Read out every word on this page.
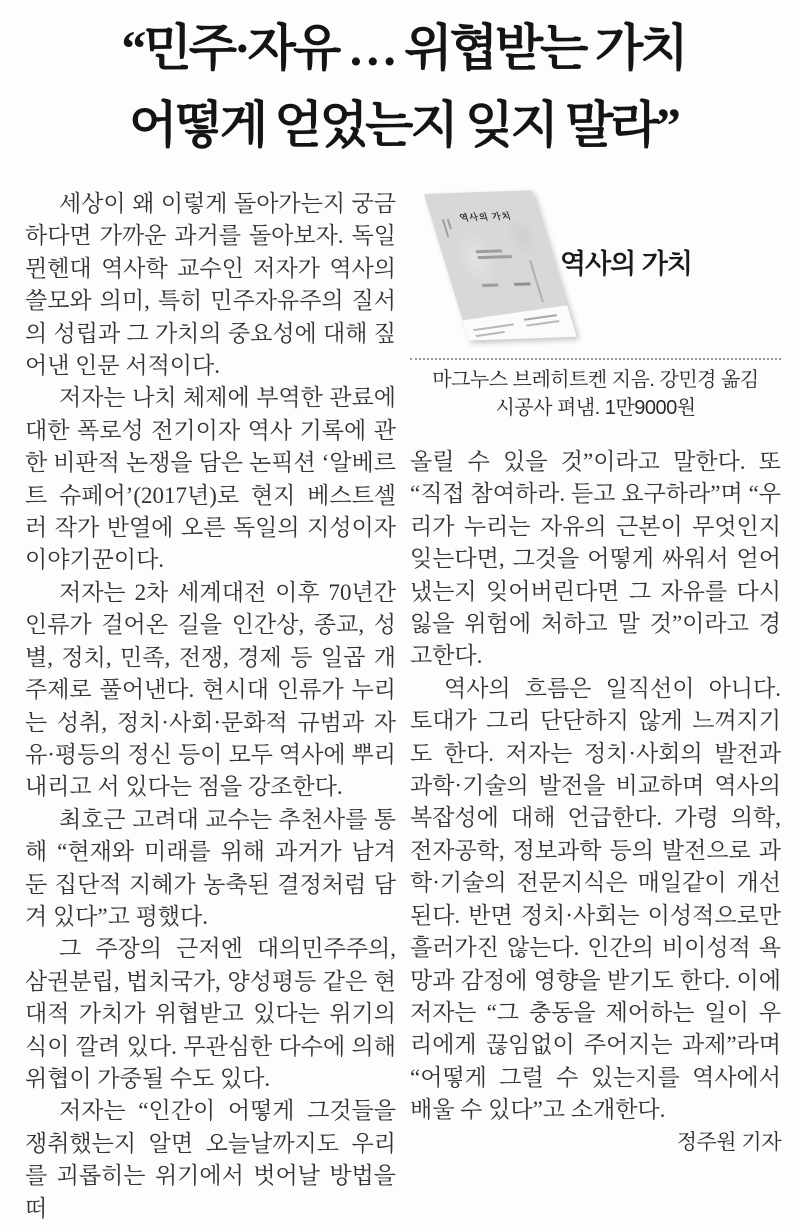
“민주·자유 … 위협받는 가치
어떻게 얻었는지 잊지 말라”

세상이 왜 이렇게 돌아가는지 궁금하다면 가까운 과거를 돌아보자. 독일 뮌헨대 역사학 교수인 저자가 역사의 쓸모와 의미, 특히 민주자유주의 질서의 성립과 그 가치의 중요성에 대해 짚어낸 인문 서적이다.

저자는 나치 체제에 부역한 관료에 대한 폭로성 전기이자 역사 기록에 관한 비판적 논쟁을 담은 논픽션 ‘알베르트 슈페어’(2017년)로 현지 베스트셀러 작가 반열에 오른 독일의 지성이자 이야기꾼이다.

저자는 2차 세계대전 이후 70년간 인류가 걸어온 길을 인간상, 종교, 성별, 정치, 민족, 전쟁, 경제 등 일곱 개 주제로 풀어낸다. 현시대 인류가 누리는 성취, 정치·사회·문화적 규범과 자유·평등의 정신 등이 모두 역사에 뿌리내리고 서 있다는 점을 강조한다.

최호근 고려대 교수는 추천사를 통해 “현재와 미래를 위해 과거가 남겨둔 집단적 지혜가 농축된 결정처럼 담겨 있다”고 평했다.

그 주장의 근저엔 대의민주주의, 삼권분립, 법치국가, 양성평등 같은 현대적 가치가 위협받고 있다는 위기의식이 깔려 있다. 무관심한 다수에 의해 위협이 가중될 수도 있다.

저자는 “인간이 어떻게 그것들을 쟁취했는지 알면 오늘날까지도 우리를 괴롭히는 위기에서 벗어날 방법을 떠

역사의 가치
역사의 가치
마그누스 브레히트켄 지음. 강민경 옮김
시공사 펴냄. 1만9000원

올릴 수 있을 것”이라고 말한다. 또 “직접 참여하라. 듣고 요구하라”며 “우리가 누리는 자유의 근본이 무엇인지 잊는다면, 그것을 어떻게 싸워서 얻어냈는지 잊어버린다면 그 자유를 다시 잃을 위험에 처하고 말 것”이라고 경고한다.

역사의 흐름은 일직선이 아니다. 토대가 그리 단단하지 않게 느껴지기도 한다. 저자는 정치·사회의 발전과 과학·기술의 발전을 비교하며 역사의 복잡성에 대해 언급한다. 가령 의학, 전자공학, 정보과학 등의 발전으로 과학·기술의 전문지식은 매일같이 개선된다. 반면 정치·사회는 이성적으로만 흘러가진 않는다. 인간의 비이성적 욕망과 감정에 영향을 받기도 한다. 이에 저자는 “그 충동을 제어하는 일이 우리에게 끊임없이 주어지는 과제”라며 “어떻게 그럴 수 있는지를 역사에서 배울 수 있다”고 소개한다.
정주원 기자
